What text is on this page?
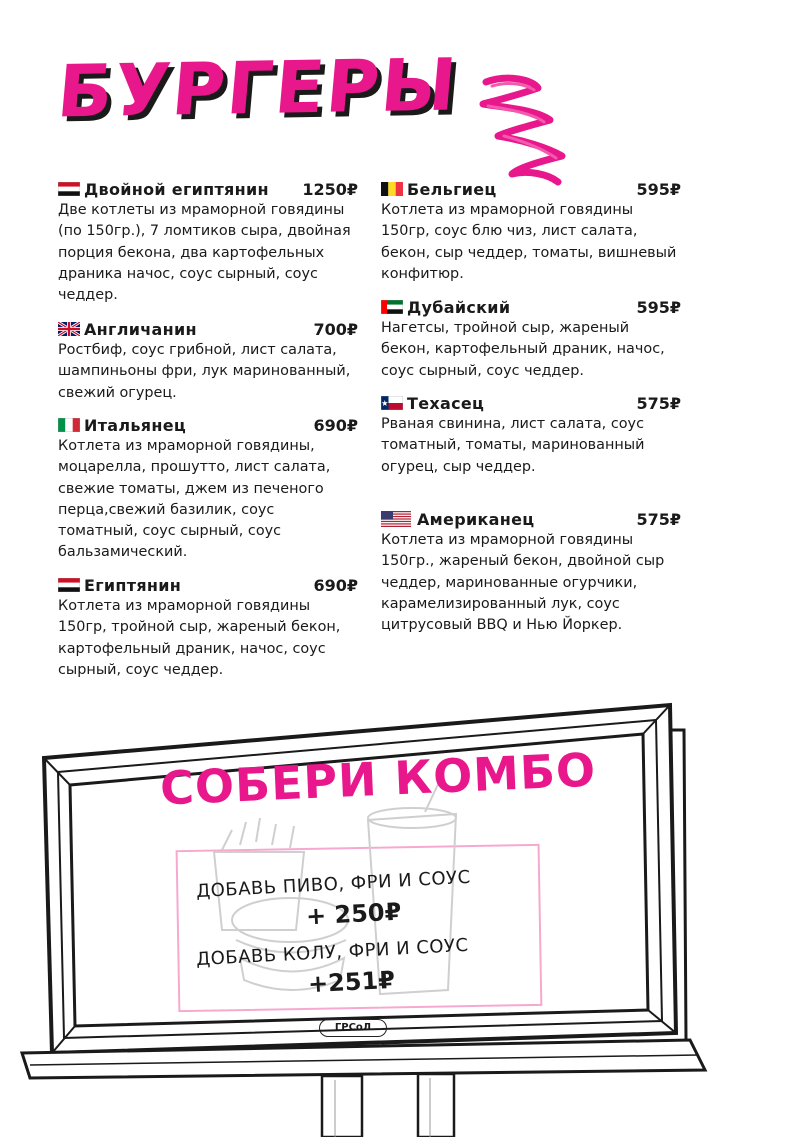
БУРГЕРЫ
Двойной египтянин 1250₽
Две котлеты из мраморной говядины (по 150гр.), 7 ломтиков сыра, двойная порция бекона, два картофельных драника начос, соус сырный, соус чеддер.
Англичанин	700₽
Ростбиф, соус грибной, лист салата, шампиньоны фри, лук маринованный, свежий огурец.
Итальянец	690₽
Котлета из мраморной говядины, моцарелла, прошутто, лист салата, свежие томаты, джем из печеного перца,свежий базилик, соус томатный, соус сырный, соус бальзамический.
Египтянин	690₽
Котлета из мраморной говядины 150гр, тройной сыр, жареный бекон, картофельный драник, начос, соус сырный, соус чеддер.
Бельгиец	595₽
Котлета из мраморной говядины 150гр, соус блю чиз, лист салата, бекон, сыр чеддер, томаты, вишневый конфитюр.
Дубайский	595₽
Нагетсы, тройной сыр, жареный бекон, картофельный драник, начос, соус сырный, соус чеддер.
Техасец	575₽
Рваная свинина, лист салата, соус томатный, томаты, маринованный огурец, сыр чеддер.
Американец	575₽
Котлета из мраморной говядины 150гр., жареный бекон, двойной сыр чеддер, маринованные огурчики, карамелизированный лук, соус цитрусовый BBQ и Нью Йоркер.
СОБЕРИ КОМБО
ДОБАВЬ ПИВО, ФРИ И СОУС
+ 250₽
ДОБАВЬ КОЛУ, ФРИ И СОУС
+251₽
ГРСоЛ
